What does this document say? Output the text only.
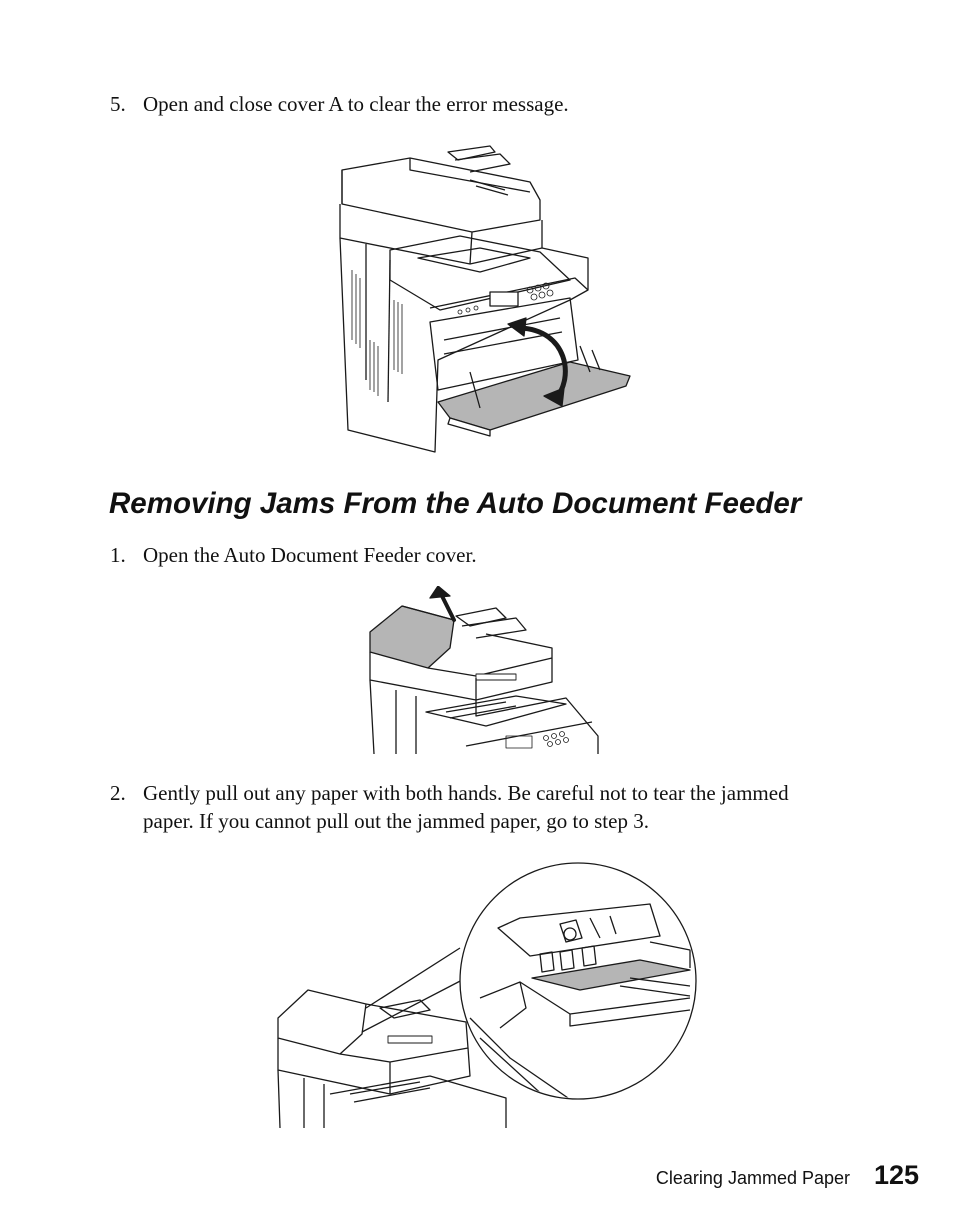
5. Open and close cover A to clear the error message.
Removing Jams From the Auto Document Feeder
1. Open the Auto Document Feeder cover.
2. Gently pull out any paper with both hands. Be careful not to tear the jammed paper. If you cannot pull out the jammed paper, go to step 3.
Clearing Jammed Paper 125
